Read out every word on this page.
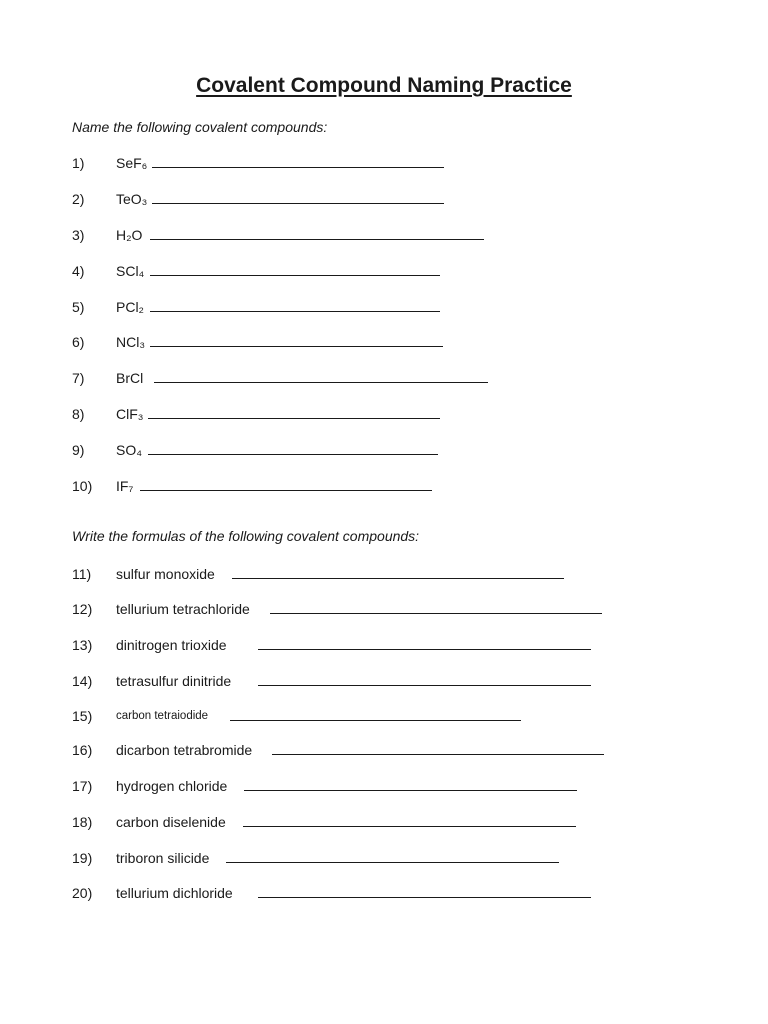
Covalent Compound Naming Practice
Name the following covalent compounds:
1) SeF₆
2) TeO₃
3) H₂O
4) SCl₄
5) PCl₂
6) NCl₃
7) BrCl
8) ClF₃
9) SO₄
10) IF₇
Write the formulas of the following covalent compounds:
11) sulfur monoxide
12) tellurium tetrachloride
13) dinitrogen trioxide
14) tetrasulfur dinitride
15) carbon tetraiodide
16) dicarbon tetrabromide
17) hydrogen chloride
18) carbon diselenide
19) triboron silicide
20) tellurium dichloride
